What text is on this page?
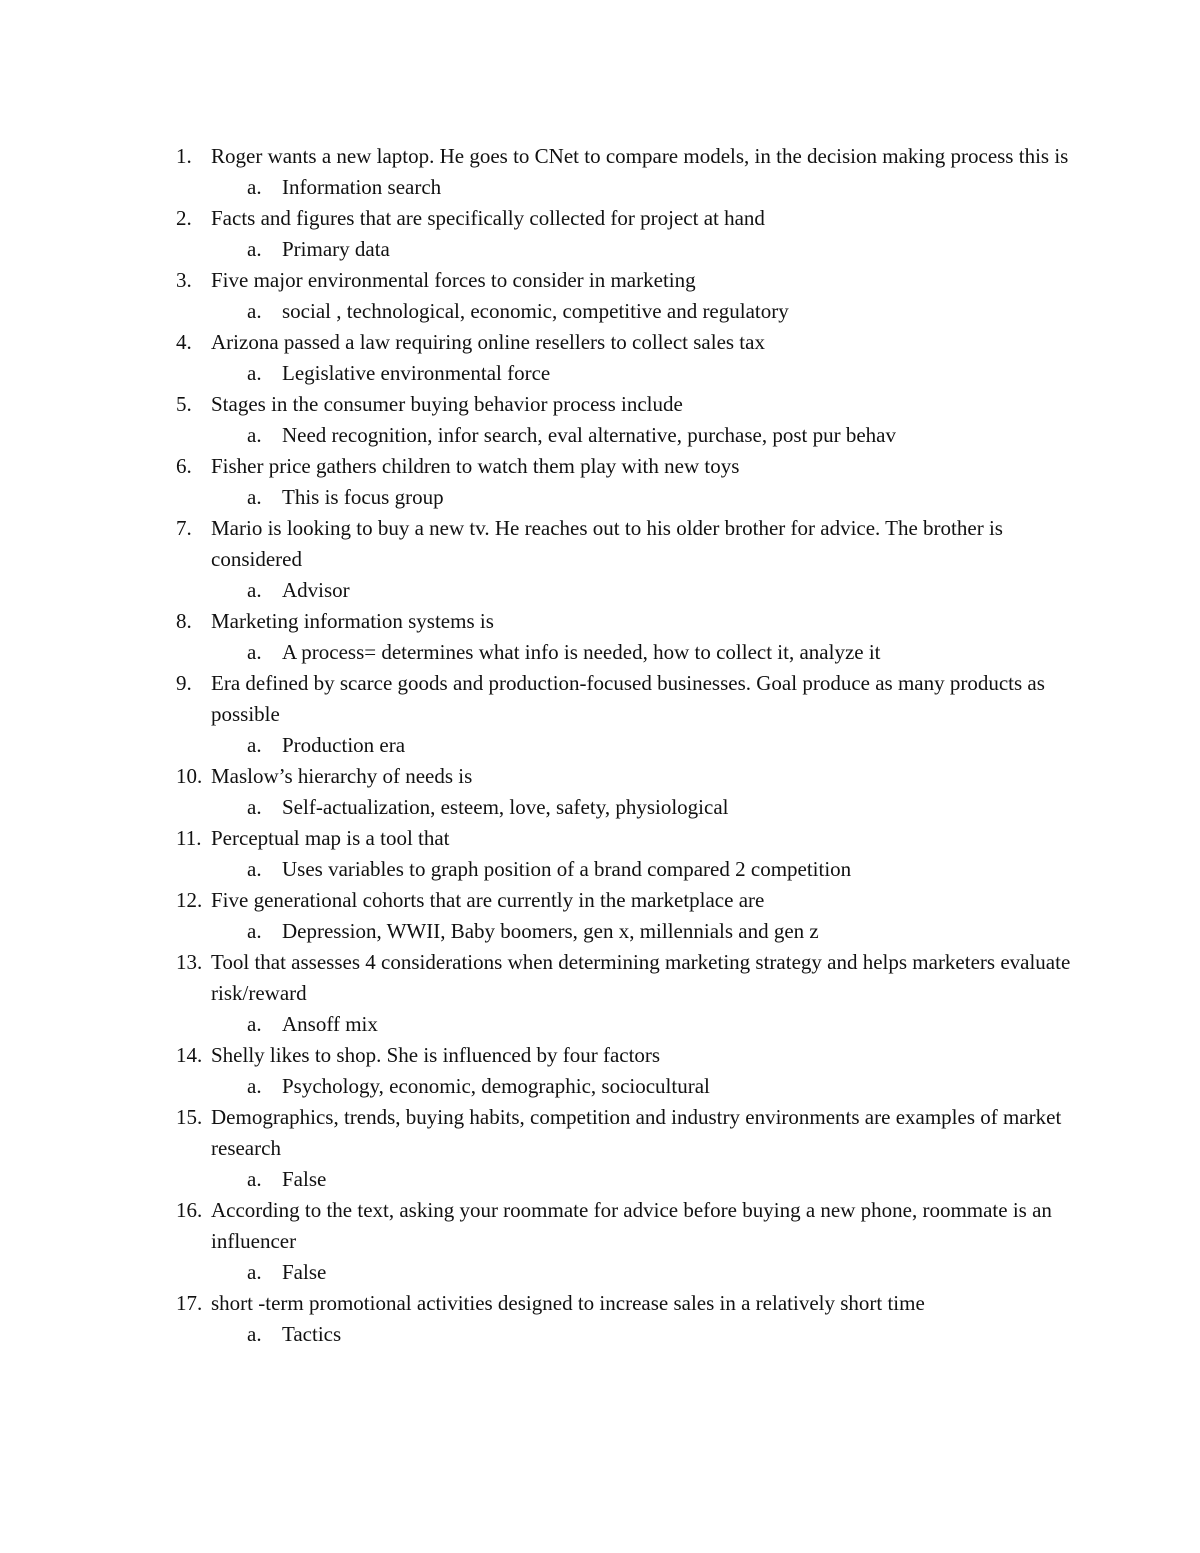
1. Roger wants a new laptop. He goes to CNet to compare models, in the decision making process this is
a. Information search
2. Facts and figures that are specifically collected for project at hand
a. Primary data
3. Five major environmental forces to consider in marketing
a. social , technological, economic, competitive and regulatory
4. Arizona passed a law requiring online resellers to collect sales tax
a. Legislative environmental force
5. Stages in the consumer buying behavior process include
a. Need recognition, infor search, eval alternative, purchase, post pur behav
6. Fisher price gathers children to watch them play with new toys
a. This is focus group
7. Mario is looking to buy a new tv. He reaches out to his older brother for advice. The brother is considered
a. Advisor
8. Marketing information systems is
a. A process= determines what info is needed, how to collect it, analyze it
9. Era defined by scarce goods and production-focused businesses. Goal produce as many products as possible
a. Production era
10. Maslow’s hierarchy of needs is
a. Self-actualization, esteem, love, safety, physiological
11. Perceptual map is a tool that
a. Uses variables to graph position of a brand compared 2 competition
12. Five generational cohorts that are currently in the marketplace are
a. Depression, WWII, Baby boomers, gen x, millennials and gen z
13. Tool that assesses 4 considerations when determining marketing strategy and helps marketers evaluate risk/reward
a. Ansoff mix
14. Shelly likes to shop. She is influenced by four factors
a. Psychology, economic, demographic, sociocultural
15. Demographics, trends, buying habits, competition and industry environments are examples of market research
a. False
16. According to the text, asking your roommate for advice before buying a new phone, roommate is an influencer
a. False
17. short -term promotional activities designed to increase sales in a relatively short time
a. Tactics
